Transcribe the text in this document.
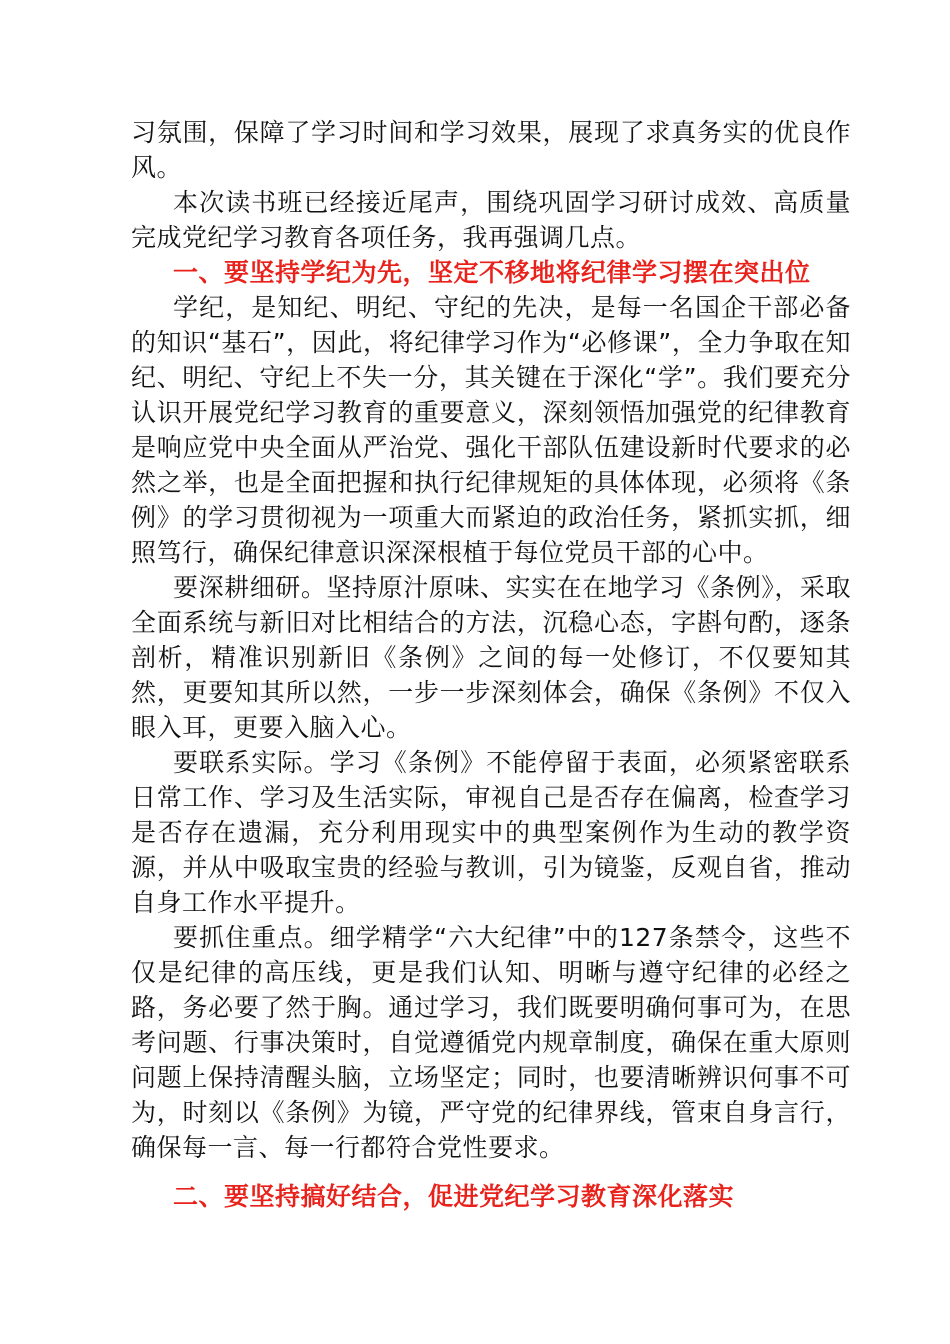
习氛围，保障了学习时间和学习效果，展现了求真务实的优良作风。

本次读书班已经接近尾声，围绕巩固学习研讨成效、高质量完成党纪学习教育各项任务，我再强调几点。

一、要坚持学纪为先，坚定不移地将纪律学习摆在突出位

学纪，是知纪、明纪、守纪的先决，是每一名国企干部必备的知识“基石”，因此，将纪律学习作为“必修课”，全力争取在知纪、明纪、守纪上不失一分，其关键在于深化“学”。我们要充分认识开展党纪学习教育的重要意义，深刻领悟加强党的纪律教育是响应党中央全面从严治党、强化干部队伍建设新时代要求的必然之举，也是全面把握和执行纪律规矩的具体体现，必须将《条例》的学习贯彻视为一项重大而紧迫的政治任务，紧抓实抓，细照笃行，确保纪律意识深深根植于每位党员干部的心中。

要深耕细研。坚持原汁原味、实实在在地学习《条例》，采取全面系统与新旧对比相结合的方法，沉稳心态，字斟句酌，逐条剖析，精准识别新旧《条例》之间的每一处修订，不仅要知其然，更要知其所以然，一步一步深刻体会，确保《条例》不仅入眼入耳，更要入脑入心。

要联系实际。学习《条例》不能停留于表面，必须紧密联系日常工作、学习及生活实际，审视自己是否存在偏离，检查学习是否存在遗漏，充分利用现实中的典型案例作为生动的教学资源，并从中吸取宝贵的经验与教训，引为镜鉴，反观自省，推动自身工作水平提升。

要抓住重点。细学精学“六大纪律”中的127条禁令，这些不仅是纪律的高压线，更是我们认知、明晰与遵守纪律的必经之路，务必要了然于胸。通过学习，我们既要明确何事可为，在思考问题、行事决策时，自觉遵循党内规章制度，确保在重大原则问题上保持清醒头脑，立场坚定；同时，也要清晰辨识何事不可为，时刻以《条例》为镜，严守党的纪律界线，管束自身言行，确保每一言、每一行都符合党性要求。

二、要坚持搞好结合，促进党纪学习教育深化落实
